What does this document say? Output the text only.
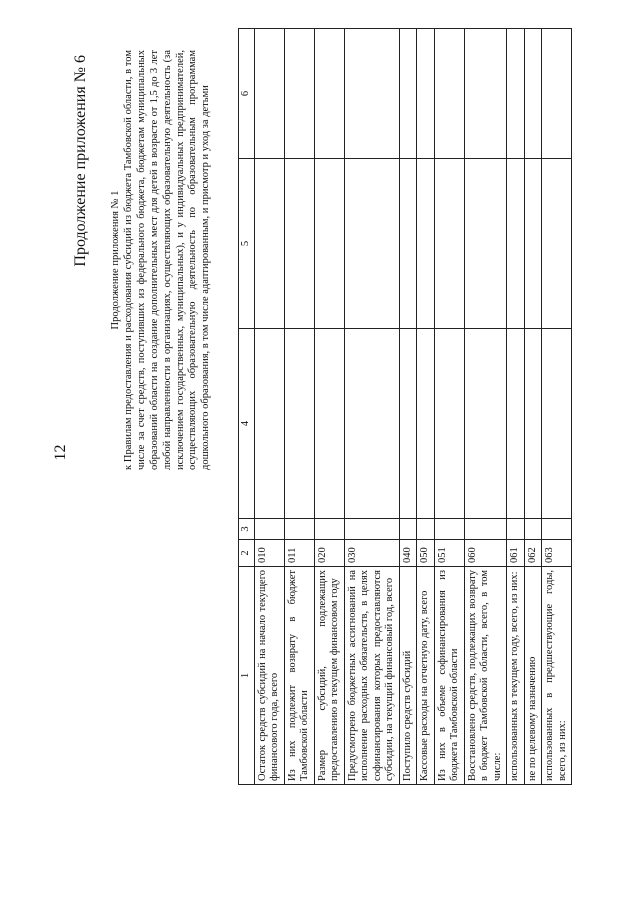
12
Продолжение приложения № 6 Продолжение приложения № 1 к Правилам предоставления и расходования субсидий из бюджета Тамбовской области, в том числе за счет средств, поступивших из федерального бюджета, бюджетам муниципальных образований области на создание дополнительных мест для детей в возрасте от 1,5 до 3 лет любой направленности в организациях, осуществляющих образовательную деятельность (за исключением государственных, муниципальных), и у индивидуальных предпринимателей, осуществляющих образовательную деятельность по образовательным программам дошкольного образования, в том числе адаптированным, и присмотр и уход за детьми

1	2	3	4	5	6
Остаток средств субсидий на начало текущего финансового года, всего	010				
Из них подлежит возврату в бюджет Тамбовской области	011				
Размер субсидий, подлежащих предоставлению в текущем финансовом году	020				
Предусмотрено бюджетных ассигнований на исполнение расходных обязательств, в целях софинансирования которых предоставляются субсидии, на текущий финансовый год, всего	030				
Поступило средств субсидий	040				
Кассовые расходы на отчетную дату, всего	050				
Из них в объеме софинансирования из бюджета Тамбовской области	051				
Восстановлено средств, подлежащих возврату в бюджет Тамбовской области, всего, в том числе:	060				
использованных в текущем году, всего, из них:	061				
не по целевому назначению	062				
использованных в предшествующие годы, всего, из них:	063				
